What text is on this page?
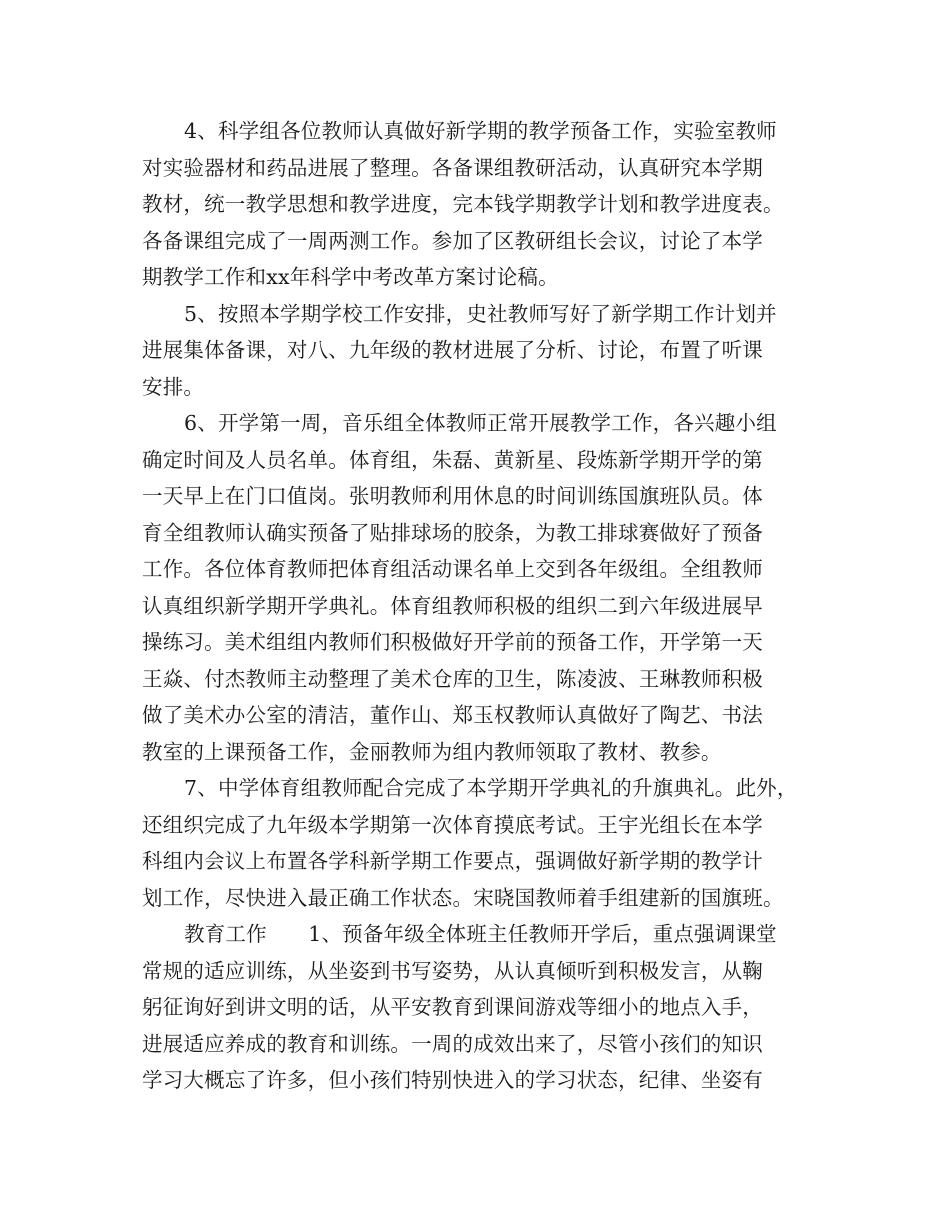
4、科学组各位教师认真做好新学期的教学预备工作，实验室教师
对实验器材和药品进展了整理。各备课组教研活动，认真研究本学期
教材，统一教学思想和教学进度，完本钱学期教学计划和教学进度表。
各备课组完成了一周两测工作。参加了区教研组长会议，讨论了本学
期教学工作和xx年科学中考改革方案讨论稿。
5、按照本学期学校工作安排，史社教师写好了新学期工作计划并
进展集体备课，对八、九年级的教材进展了分析、讨论，布置了听课
安排。
6、开学第一周，音乐组全体教师正常开展教学工作，各兴趣小组
确定时间及人员名单。体育组，朱磊、黄新星、段炼新学期开学的第
一天早上在门口值岗。张明教师利用休息的时间训练国旗班队员。体
育全组教师认确实预备了贴排球场的胶条，为教工排球赛做好了预备
工作。各位体育教师把体育组活动课名单上交到各年级组。全组教师
认真组织新学期开学典礼。体育组教师积极的组织二到六年级进展早
操练习。美术组组内教师们积极做好开学前的预备工作，开学第一天
王焱、付杰教师主动整理了美术仓库的卫生，陈凌波、王琳教师积极
做了美术办公室的清洁，董作山、郑玉权教师认真做好了陶艺、书法
教室的上课预备工作，金丽教师为组内教师领取了教材、教参。
7、中学体育组教师配合完成了本学期开学典礼的升旗典礼。此外，
还组织完成了九年级本学期第一次体育摸底考试。王宇光组长在本学
科组内会议上布置各学科新学期工作要点，强调做好新学期的教学计
划工作，尽快进入最正确工作状态。宋晓国教师着手组建新的国旗班。
教育工作　　1、预备年级全体班主任教师开学后，重点强调课堂
常规的适应训练，从坐姿到书写姿势，从认真倾听到积极发言，从鞠
躬征询好到讲文明的话，从平安教育到课间游戏等细小的地点入手，
进展适应养成的教育和训练。一周的成效出来了，尽管小孩们的知识
学习大概忘了许多，但小孩们特别快进入的学习状态，纪律、坐姿有
